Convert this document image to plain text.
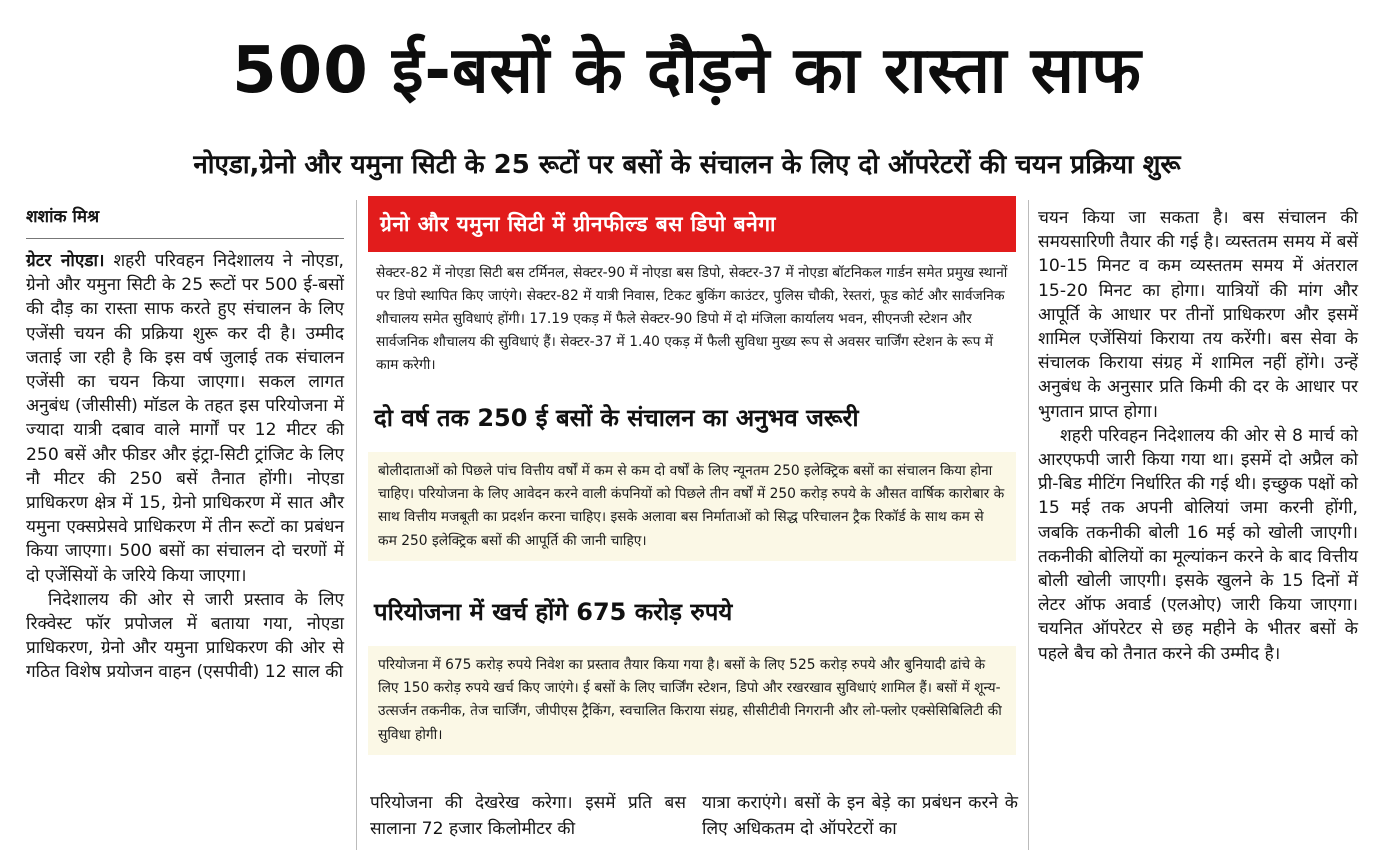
500 ई-बसों के दौड़ने का रास्ता साफ
नोएडा,ग्रेनो और यमुना सिटी के 25 रूटों पर बसों के संचालन के लिए दो ऑपरेटरों की चयन प्रक्रिया शुरू
शशांक मिश्र

ग्रेटर नोएडा। शहरी परिवहन निदेशालय ने नोएडा, ग्रेनो और यमुना सिटी के 25 रूटों पर 500 ई-बसों की दौड़ का रास्ता साफ करते हुए संचालन के लिए एजेंसी चयन की प्रक्रिया शुरू कर दी है। उम्मीद जताई जा रही है कि इस वर्ष जुलाई तक संचालन एजेंसी का चयन किया जाएगा। सकल लागत अनुबंध (जीसीसी) मॉडल के तहत इस परियोजना में ज्यादा यात्री दबाव वाले मार्गों पर 12 मीटर की 250 बसें और फीडर और इंट्रा-सिटी ट्रांजिट के लिए नौ मीटर की 250 बसें तैनात होंगी। नोएडा प्राधिकरण क्षेत्र में 15, ग्रेनो प्राधिकरण में सात और यमुना एक्सप्रेसवे प्राधिकरण में तीन रूटों का प्रबंधन किया जाएगा। 500 बसों का संचालन दो चरणों में दो एजेंसियों के जरिये किया जाएगा।

निदेशालय की ओर से जारी प्रस्ताव के लिए रिक्वेस्ट फॉर प्रपोजल में बताया गया, नोएडा प्राधिकरण, ग्रेनो और यमुना प्राधिकरण की ओर से गठित विशेष प्रयोजन वाहन (एसपीवी) 12 साल की

ग्रेनो और यमुना सिटी में ग्रीनफील्ड बस डिपो बनेगा
सेक्टर-82 में नोएडा सिटी बस टर्मिनल, सेक्टर-90 में नोएडा बस डिपो, सेक्टर-37 में नोएडा बॉटनिकल गार्डन समेत प्रमुख स्थानों पर डिपो स्थापित किए जाएंगे। सेक्टर-82 में यात्री निवास, टिकट बुकिंग काउंटर, पुलिस चौकी, रेस्तरां, फूड कोर्ट और सार्वजनिक शौचालय समेत सुविधाएं होंगी। 17.19 एकड़ में फैले सेक्टर-90 डिपो में दो मंजिला कार्यालय भवन, सीएनजी स्टेशन और सार्वजनिक शौचालय की सुविधाएं हैं। सेक्टर-37 में 1.40 एकड़ में फैली सुविधा मुख्य रूप से अवसर चार्जिंग स्टेशन के रूप में काम करेगी।
दो वर्ष तक 250 ई बसों के संचालन का अनुभव जरूरी
बोलीदाताओं को पिछले पांच वित्तीय वर्षों में कम से कम दो वर्षों के लिए न्यूनतम 250 इलेक्ट्रिक बसों का संचालन किया होना चाहिए। परियोजना के लिए आवेदन करने वाली कंपनियों को पिछले तीन वर्षों में 250 करोड़ रुपये के औसत वार्षिक कारोबार के साथ वित्तीय मजबूती का प्रदर्शन करना चाहिए। इसके अलावा बस निर्माताओं को सिद्ध परिचालन ट्रैक रिकॉर्ड के साथ कम से कम 250 इलेक्ट्रिक बसों की आपूर्ति की जानी चाहिए।
परियोजना में खर्च होंगे 675 करोड़ रुपये
परियोजना में 675 करोड़ रुपये निवेश का प्रस्ताव तैयार किया गया है। बसों के लिए 525 करोड़ रुपये और बुनियादी ढांचे के लिए 150 करोड़ रुपये खर्च किए जाएंगे। ई बसों के लिए चार्जिंग स्टेशन, डिपो और रखरखाव सुविधाएं शामिल हैं। बसों में शून्य-उत्सर्जन तकनीक, तेज चार्जिंग, जीपीएस ट्रैकिंग, स्वचालित किराया संग्रह, सीसीटीवी निगरानी और लो-फ्लोर एक्सेसिबिलिटी की सुविधा होगी।
परियोजना की देखरेख करेगा। इसमें प्रति बस सालाना 72 हजार किलोमीटर की
यात्रा कराएंगे। बसों के इन बेड़े का प्रबंधन करने के लिए अधिकतम दो ऑपरेटरों का

चयन किया जा सकता है। बस संचालन की समयसारिणी तैयार की गई है। व्यस्ततम समय में बसें 10-15 मिनट व कम व्यस्ततम समय में अंतराल 15-20 मिनट का होगा। यात्रियों की मांग और आपूर्ति के आधार पर तीनों प्राधिकरण और इसमें शामिल एजेंसियां किराया तय करेंगी। बस सेवा के संचालक किराया संग्रह में शामिल नहीं होंगे। उन्हें अनुबंध के अनुसार प्रति किमी की दर के आधार पर भुगतान प्राप्त होगा।

शहरी परिवहन निदेशालय की ओर से 8 मार्च को आरएफपी जारी किया गया था। इसमें दो अप्रैल को प्री-बिड मीटिंग निर्धारित की गई थी। इच्छुक पक्षों को 15 मई तक अपनी बोलियां जमा करनी होंगी, जबकि तकनीकी बोली 16 मई को खोली जाएगी। तकनीकी बोलियों का मूल्यांकन करने के बाद वित्तीय बोली खोली जाएगी। इसके खुलने के 15 दिनों में लेटर ऑफ अवार्ड (एलओए) जारी किया जाएगा। चयनित ऑपरेटर से छह महीने के भीतर बसों के पहले बैच को तैनात करने की उम्मीद है।
